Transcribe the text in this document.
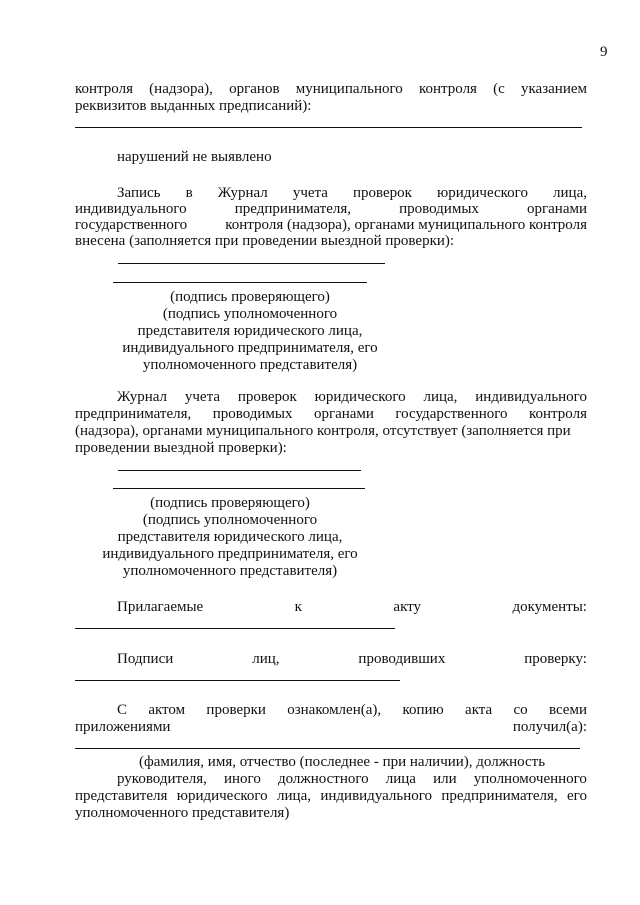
9
контроля (надзора), органов муниципального контроля (с указанием
реквизитов выданных предписаний):
нарушений не выявлено
Запись в Журнал учета проверок юридического лица,
индивидуального	предпринимателя,	проводимых	органами
государственного	контроля (надзора), органами муниципального контроля
внесена (заполняется при проведении выездной проверки):
(подпись проверяющего)
(подпись уполномоченного
представителя юридического лица,
индивидуального предпринимателя, его
уполномоченного представителя)
Журнал учета проверок юридического лица, индивидуального
предпринимателя, проводимых органами государственного контроля
(надзора), органами муниципального контроля, отсутствует (заполняется при
проведении выездной проверки):
(подпись проверяющего)
(подпись уполномоченного
представителя юридического лица,
индивидуального предпринимателя, его
уполномоченного представителя)
Прилагаемые	к	акту	документы:
Подписи	лиц,	проводивших	проверку:
С актом проверки ознакомлен(а), копию акта со всеми
приложениями	получил(а):
(фамилия, имя, отчество (последнее - при наличии), должность
руководителя, иного должностного лица или уполномоченного
представителя юридического лица, индивидуального предпринимателя, его
уполномоченного представителя)
